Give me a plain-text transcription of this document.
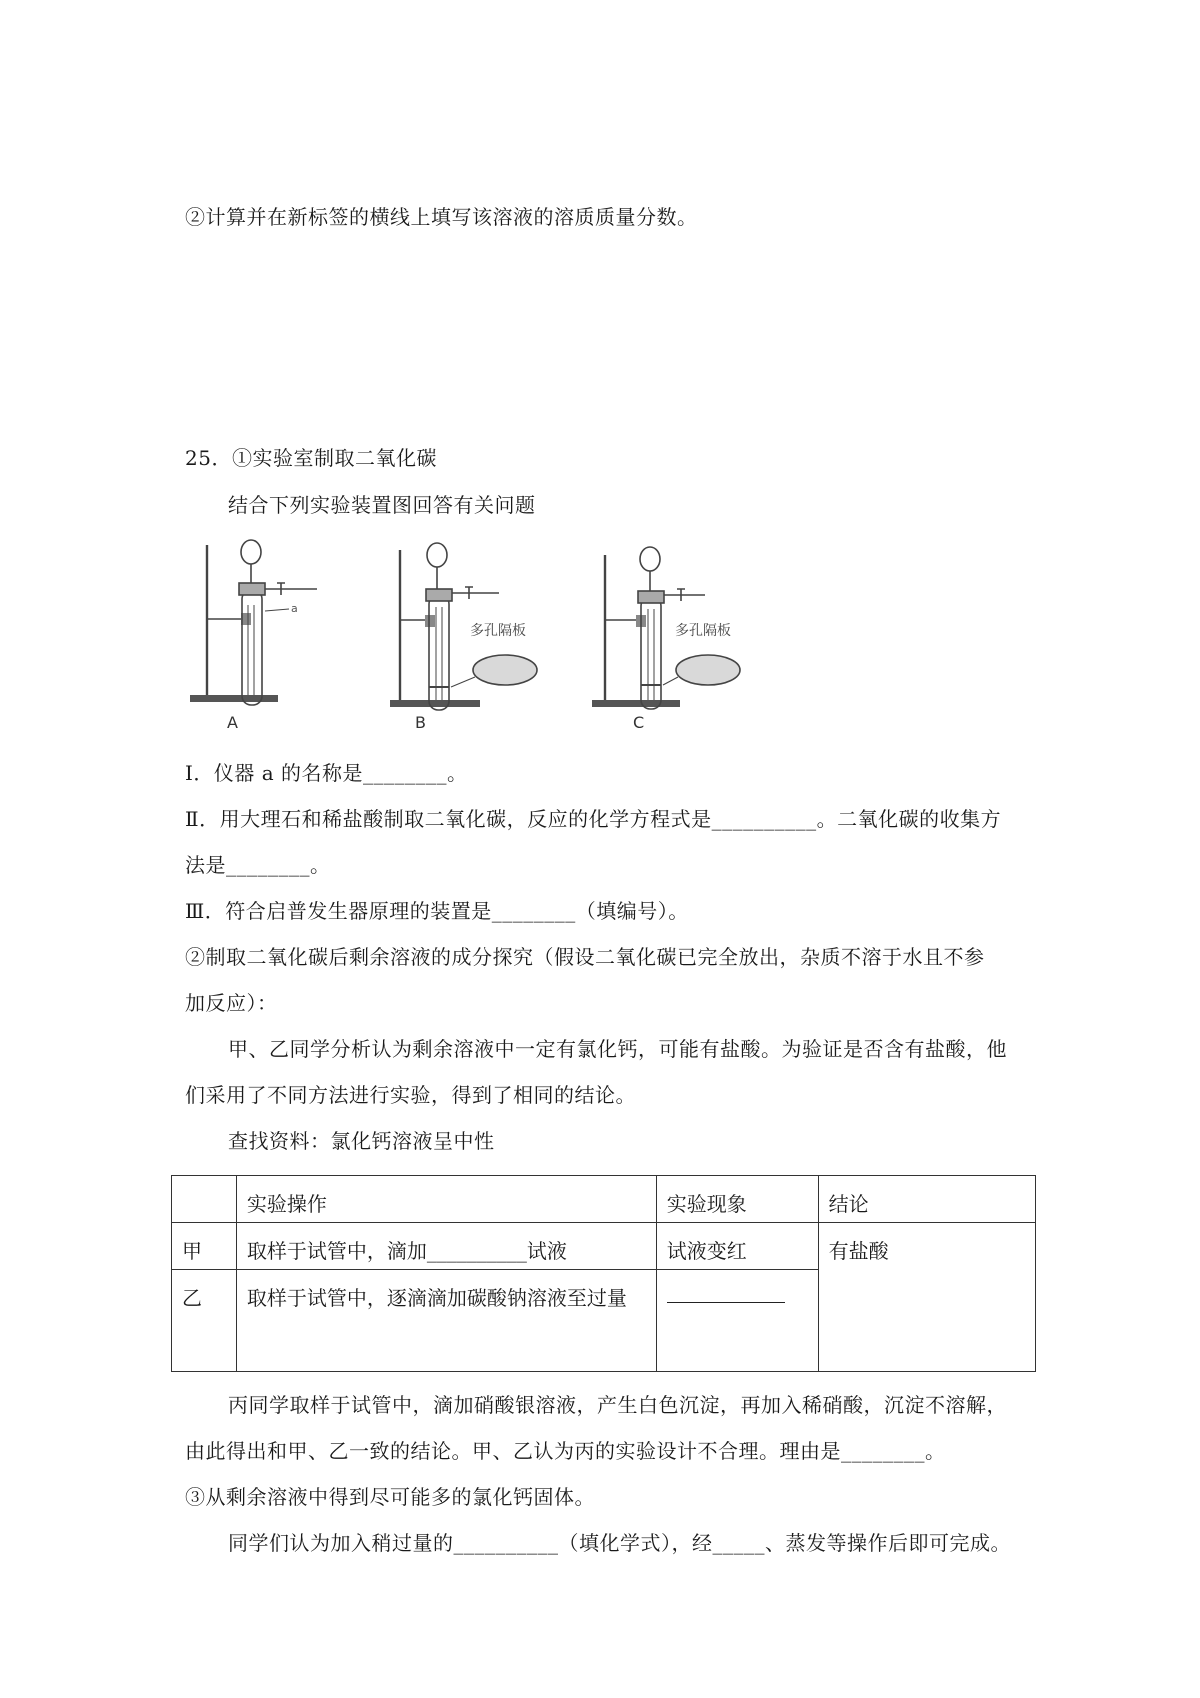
②计算并在新标签的横线上填写该溶液的溶质质量分数。
25．①实验室制取二氧化碳
结合下列实验装置图回答有关问题
a
A
多孔隔板
B
多孔隔板
C
Ⅰ．仪器 a 的名称是________。
Ⅱ．用大理石和稀盐酸制取二氧化碳，反应的化学方程式是__________。二氧化碳的收集方
法是________。
Ⅲ．符合启普发生器原理的装置是________（填编号）。
②制取二氧化碳后剩余溶液的成分探究（假设二氧化碳已完全放出，杂质不溶于水且不参
加反应）：
甲、乙同学分析认为剩余溶液中一定有氯化钙，可能有盐酸。为验证是否含有盐酸，他
们采用了不同方法进行实验，得到了相同的结论。
查找资料：氯化钙溶液呈中性
	实验操作	实验现象	结论
甲	取样于试管中，滴加__________试液	试液变红	有盐酸
乙	取样于试管中，逐滴滴加碳酸钠溶液至过量		
丙同学取样于试管中，滴加硝酸银溶液，产生白色沉淀，再加入稀硝酸，沉淀不溶解，
由此得出和甲、乙一致的结论。甲、乙认为丙的实验设计不合理。理由是________。
③从剩余溶液中得到尽可能多的氯化钙固体。
同学们认为加入稍过量的__________（填化学式），经_____、蒸发等操作后即可完成。
